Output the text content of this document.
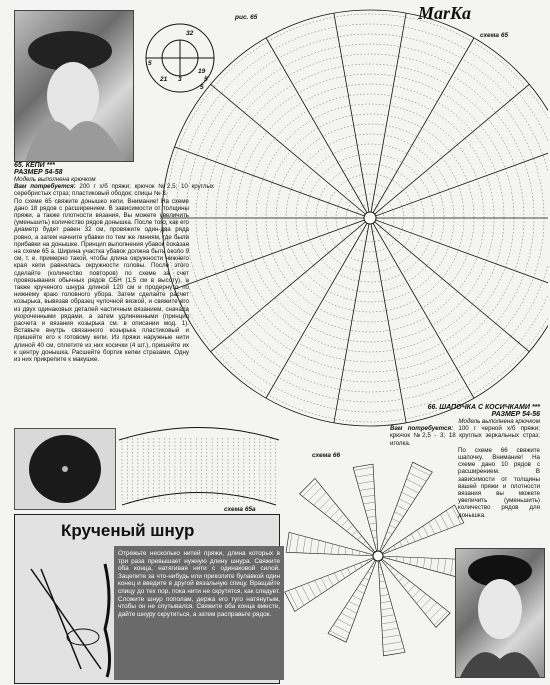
32
5
21 3
19
5
5
рис. 65	MarKa
схема 65
65. КЕПИ ***
РАЗМЕР 54-58
Модель выполнена крючком
Вам потребуется: 200 г х/б пряжи; крючок №2,5; 10 круглых серебристых страз; пластиковый ободок; спицы № 3.
По схеме 65 свяжите донышко кепи. Внимание! На схеме дано 18 рядов с расширением. В зависимости от толщины пряжи, а также плотности вязания, Вы можете увеличить (уменьшить) количество рядов донышка. После того, как его диаметр будет равен 32 см, провяжите один-два ряда ровно, а затем начните убавки по тем же линиям, где были прибавки на донышке. Принцип выполнения убавок показан на схеме 65 а. Ширина участка убавок должна быть около 9 см, т. е. примерно такой, чтобы длина окружности нижнего края кепи равнялась окружности головы. После этого сделайте (количество повторов) по схеме за счет провязывания обычных рядов СБН (1,5 см в высоту), а также крученого шнура длиной 120 см и продернуто по нижнему краю головного убора. Затем сделайте расчет козырька, вывязав образец чулочной вязкой, и свяжите его из двух одинаковых деталей частичным вязанием, сначала укороченными рядами, а затем удлиненными (принцип расчета и вязания козырька см. в описании мод. 1). Вставьте внутрь связанного козырька пластиковый и пришейте его к готовому кепи. Из пряжи наружные нити длиной 40 см, сплетите из них косички (4 шт.), пришейте их к центру донышка. Расшейте бортик кепки стразами. Одну из них прикрепите к макушке.
схема 65а
66. ШАПОЧКА С КОСИЧКАМИ ***
РАЗМЕР 54-56
Модель выполнена крючком
Вам потребуется: 100 г черной х/б пряжи; крючок №2,5 - 3; 18 круглых зеркальных страз; иголка.
По схеме 66 свяжите шапочку. Внимание! На схеме дано 10 рядов с расширением. В зависимости от толщины вашей пряжи и плотности вязания вы можете увеличить (уменьшить) количество рядов для донышка.
схема 66
Крученый шнур
Отрежьте несколько нитей пряжи, длина которых в три раза превышает нужную длину шнура. Свяжите оба конца, натягивая нити с одинаковой силой. Зацепите за что-нибудь или приколите булавкой один конец и введите в другой вязальную спицу. Вращайте спицу до тех пор, пока нити не скрутятся, как следует. Сложите шнур пополам, держа его туго натянутым, чтобы он не спутывался. Свяжите оба конца вместе, дайте шнуру скрутиться, а затем расправьте рядок.
